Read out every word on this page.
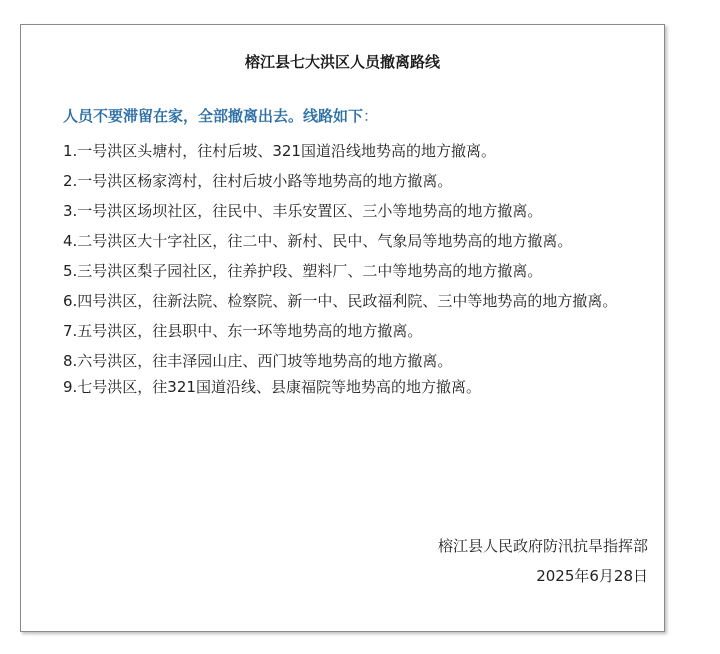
榕江县七大洪区人员撤离路线
人员不要滞留在家，全部撤离出去。线路如下：
1.一号洪区头塘村，往村后坡、321国道沿线地势高的地方撤离。
2.一号洪区杨家湾村，往村后坡小路等地势高的地方撤离。
3.一号洪区场坝社区，往民中、丰乐安置区、三小等地势高的地方撤离。
4.二号洪区大十字社区，往二中、新村、民中、气象局等地势高的地方撤离。
5.三号洪区梨子园社区，往养护段、塑料厂、二中等地势高的地方撤离。
6.四号洪区，往新法院、检察院、新一中、民政福利院、三中等地势高的地方撤离。
7.五号洪区，往县职中、东一环等地势高的地方撤离。
8.六号洪区，往丰泽园山庄、西门坡等地势高的地方撤离。
9.七号洪区，往321国道沿线、县康福院等地势高的地方撤离。
榕江县人民政府防汛抗旱指挥部
2025年6月28日
